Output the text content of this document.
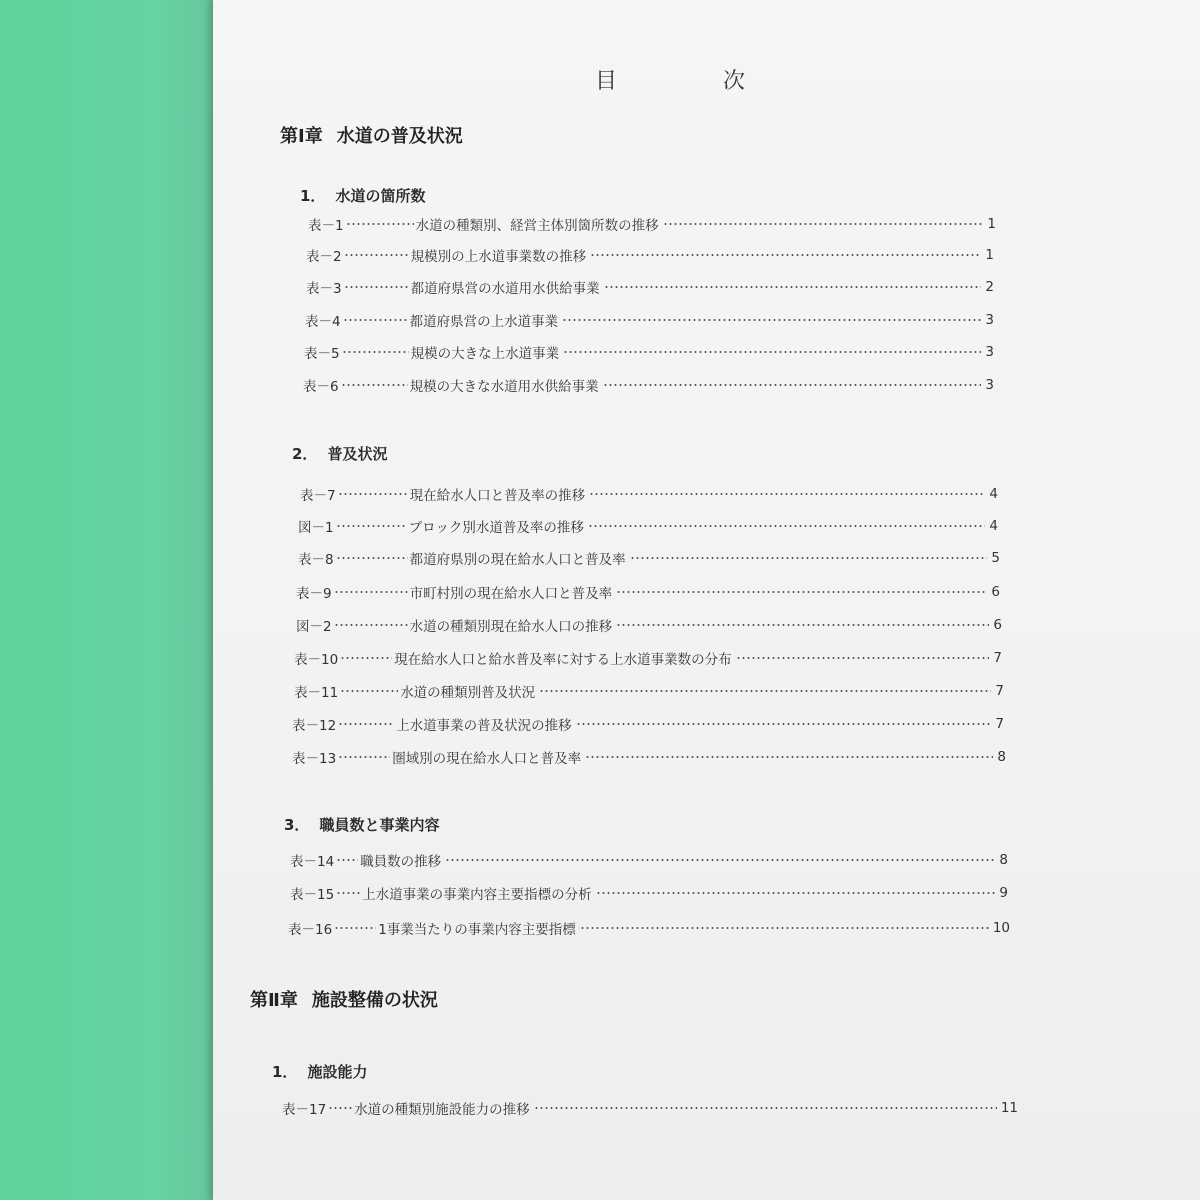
目　次
第Ⅰ章 水道の普及状況
1． 水道の箇所数
2． 普及状況
3． 職員数と事業内容
第Ⅱ章 施設整備の状況
1． 施設能力
表－1	水道の種類別、経営主体別箇所数の推移	1
表－2	規模別の上水道事業数の推移	1
表－3	都道府県営の水道用水供給事業	2
表－4	都道府県営の上水道事業	3
表－5	規模の大きな上水道事業	3
表－6	規模の大きな水道用水供給事業	3
表－7	現在給水人口と普及率の推移	4
図－1	ブロック別水道普及率の推移	4
表－8	都道府県別の現在給水人口と普及率	5
表－9	市町村別の現在給水人口と普及率	6
図－2	水道の種類別現在給水人口の推移	6
表－10	現在給水人口と給水普及率に対する上水道事業数の分布	7
表－11	水道の種類別普及状況	7
表－12	上水道事業の普及状況の推移	7
表－13	圏域別の現在給水人口と普及率	8
表－14 職員数の推移	8
表－15 上水道事業の事業内容主要指標の分析	9
表－16	1事業当たりの事業内容主要指標	10
表－17 水道の種類別施設能力の推移	11
